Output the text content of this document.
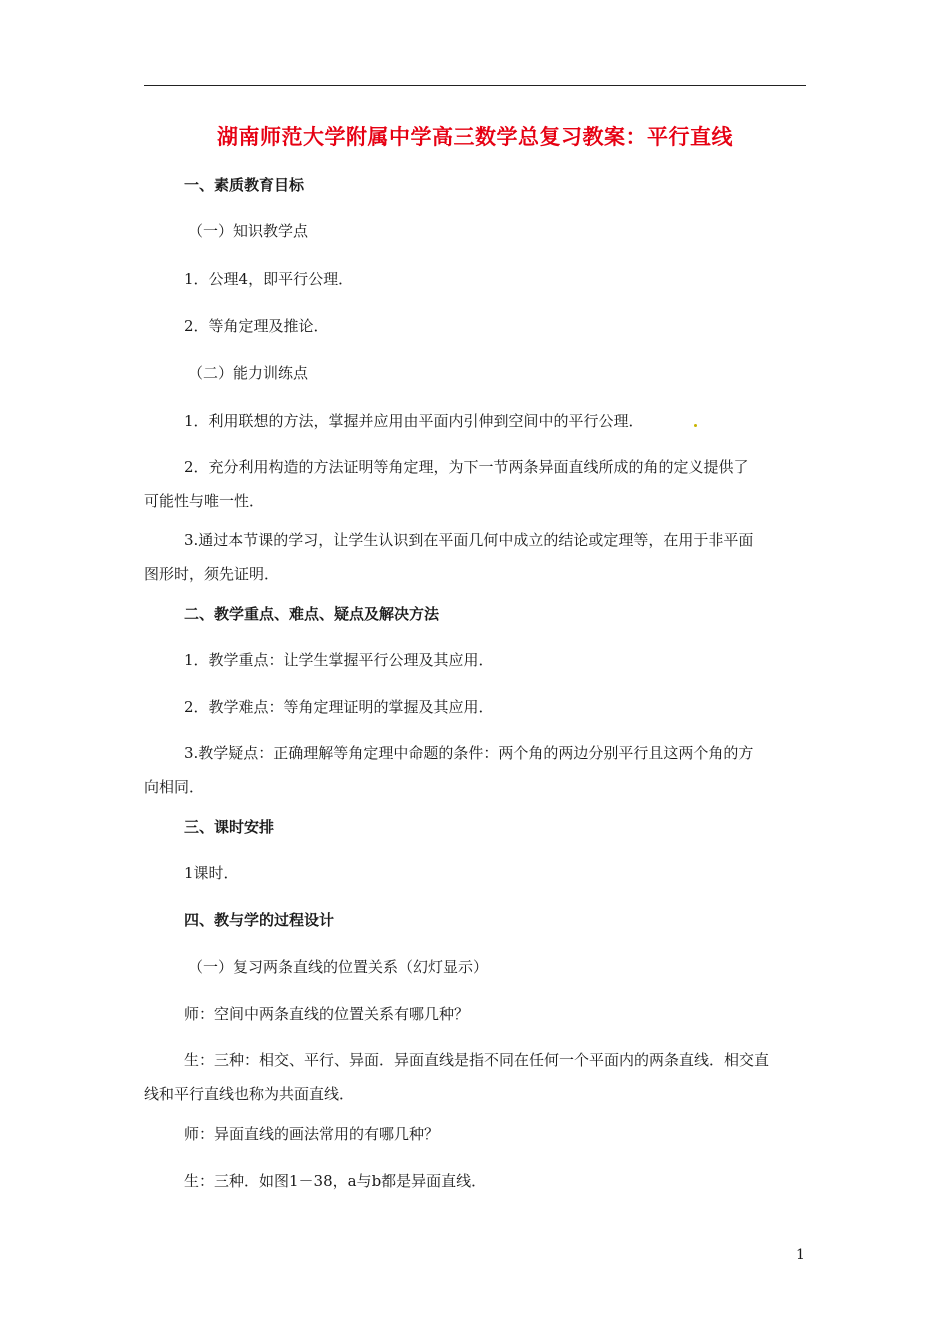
湖南师范大学附属中学高三数学总复习教案：平行直线
一、素质教育目标
（一）知识教学点
1．公理4，即平行公理．
2．等角定理及推论．
（二）能力训练点
1．利用联想的方法，掌握并应用由平面内引伸到空间中的平行公理．
2．充分利用构造的方法证明等角定理，为下一节两条异面直线所成的角的定义提供了
可能性与唯一性．
3.通过本节课的学习，让学生认识到在平面几何中成立的结论或定理等，在用于非平面
图形时，须先证明．
二、教学重点、难点、疑点及解决方法
1．教学重点：让学生掌握平行公理及其应用．
2．教学难点：等角定理证明的掌握及其应用．
3.教学疑点：正确理解等角定理中命题的条件：两个角的两边分别平行且这两个角的方
向相同．
三、课时安排
1课时．
四、教与学的过程设计
（一）复习两条直线的位置关系（幻灯显示）
师：空间中两条直线的位置关系有哪几种？
生：三种：相交、平行、异面．异面直线是指不同在任何一个平面内的两条直线．相交直
线和平行直线也称为共面直线．
师：异面直线的画法常用的有哪几种？
生：三种．如图1－38，a与b都是异面直线．
1
